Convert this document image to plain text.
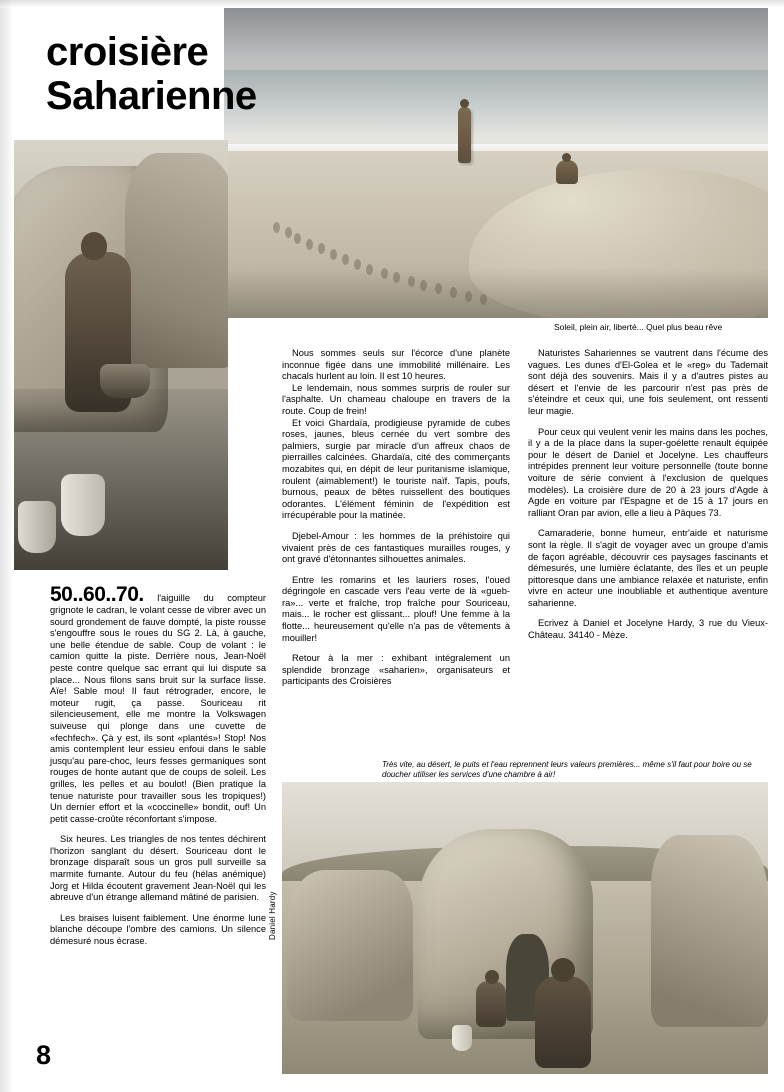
croisière
Saharienne
Soleil, plein air, liberté... Quel plus beau rêve

50..60..70. l'aiguille du compteur grignote le cadran, le volant cesse de vibrer avec un sourd grondement de fauve dompté, la piste rousse s'engouffre sous le roues du SG 2. Là, à gauche, une belle étendue de sable. Coup de volant : le camion quitte la piste. Derrière nous, Jean-Noël peste contre quelque sac errant qui lui dispute sa place... Nous filons sans bruit sur la surface lisse. Aïe! Sable mou! Il faut rétrograder, encore, le moteur rugit, ça passe. Souriceau rit silencieusement, elle me montre la Volkswagen suiveuse qui plonge dans une cuvette de «fechfech». Çà y est, ils sont «plantés»! Stop! Nos amis contemplent leur essieu enfoui dans le sable jusqu'au pare-choc, leurs fesses germaniques sont rouges de honte autant que de coups de soleil. Les grilles, les pelles et au boulot! (Bien pratique la tenue naturiste pour travailler sous les tropiques!) Un dernier effort et la «coccinelle» bondit, ouf! Un petit casse-croûte réconfortant s'impose.

Six heures. Les triangles de nos tentes déchirent l'horizon sanglant du désert. Souriceau dont le bronzage disparaît sous un gros pull surveille sa marmite fumante. Autour du feu (hélas anémique) Jorg et Hilda écoutent gravement Jean-Noël qui les abreuve d'un étrange allemand mâtiné de parisien.

Les braises luisent faiblement. Une énorme lune blanche découpe l'ombre des camions. Un silence démesuré nous écrase.

Nous sommes seuls sur l'écorce d'une planète inconnue figée dans une immobilité millénaire. Les chacals hurlent au loin. Il est 10 heures.

Le lendemain, nous sommes surpris de rouler sur l'asphalte. Un chameau chaloupe en travers de la route. Coup de frein!

Et voici Ghardaïa, prodigieuse pyramide de cubes roses, jaunes, bleus cernée du vert sombre des palmiers, surgie par miracle d'un affreux chaos de pierrailles calcinées. Ghardaïa, cité des commerçants mozabites qui, en dépit de leur puritanisme islamique, roulent (aimablement!) le touriste naïf. Tapis, poufs, burnous, peaux de bêtes ruissellent des boutiques odorantes. L'élément féminin de l'expédition est irrécupérable pour la matinée.

Djebel-Amour : les hommes de la préhistoire qui vivaient près de ces fantastiques murailles rouges, y ont gravé d'étonnantes silhouettes animales.

Entre les romarins et les lauriers roses, l'oued dégringole en cascade vers l'eau verte de là «gueb-ra»... verte et fraîche, trop fraîche pour Souriceau, mais... le rocher est glissant... plouf! Une femme à la flotte... heureusement qu'elle n'a pas de vêtements à mouiller!

Retour à la mer : exhibant intégralement un splendide bronzage «saharien», organisateurs et participants des Croisières

Naturistes Sahariennes se vautrent dans l'écume des vagues. Les dunes d'El-Golea et le «reg» du Tademait sont déjà des souvenirs. Mais il y a d'autres pistes au désert et l'envie de les parcourir n'est pas près de s'éteindre et ceux qui, une fois seulement, ont ressenti leur magie.

Pour ceux qui veulent venir les mains dans les poches, il y a de la place dans la super-goélette renault équipée pour le désert de Daniel et Jocelyne. Les chauffeurs intrépides prennent leur voiture personnelle (toute bonne voiture de série convient à l'exclusion de quelques modèles). La croisière dure de 20 à 23 jours d'Agde à Agde en voiture par l'Espagne et de 15 à 17 jours en ralliant Oran par avion, elle a lieu à Pâques 73.

Camaraderie, bonne humeur, entr'aide et naturisme sont la règle. Il s'agit de voyager avec un groupe d'amis de façon agréable, découvrir ces paysages fascinants et démesurés, une lumière éclatante, des îles et un peuple pittoresque dans une ambiance relaxée et naturiste, enfin vivre en acteur une inoubliable et authentique aventure saharienne.

Ecrivez à Daniel et Jocelyne Hardy, 3 rue du Vieux-Château. 34140 - Mèze.

Très vite, au désert, le puits et l'eau reprennent leurs valeurs premières... même s'il faut pour boire ou se doucher utiliser les services d'une chambre à air!
Daniel Hardy
8
